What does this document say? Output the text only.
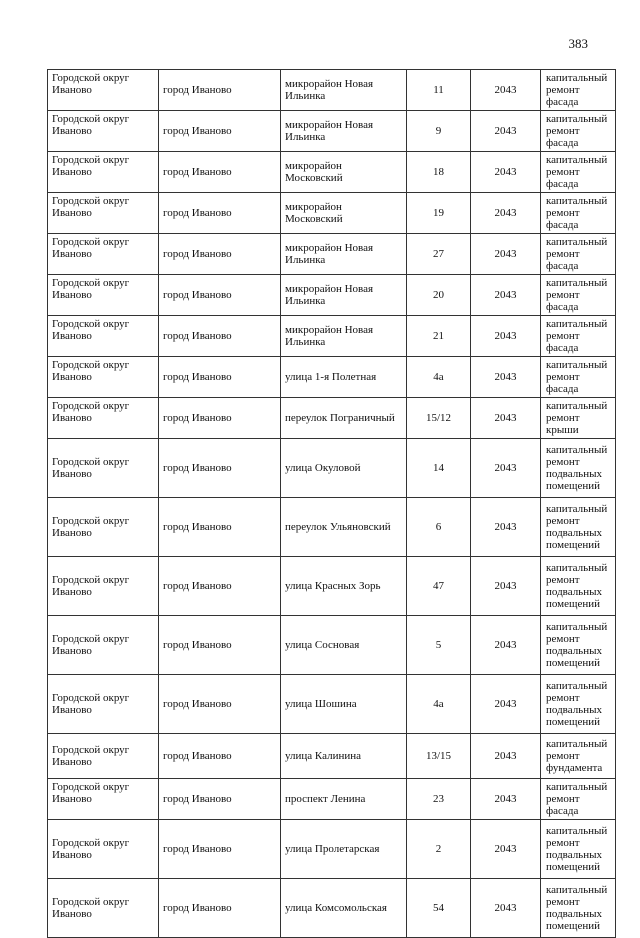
383
Городской округ Иваново	город Иваново	микрорайон Новая Ильинка	11	2043	капитальный ремонт фасада
Городской округ Иваново	город Иваново	микрорайон Новая Ильинка	9	2043	капитальный ремонт фасада
Городской округ Иваново	город Иваново	микрорайон Московский	18	2043	капитальный ремонт фасада
Городской округ Иваново	город Иваново	микрорайон Московский	19	2043	капитальный ремонт фасада
Городской округ Иваново	город Иваново	микрорайон Новая Ильинка	27	2043	капитальный ремонт фасада
Городской округ Иваново	город Иваново	микрорайон Новая Ильинка	20	2043	капитальный ремонт фасада
Городской округ Иваново	город Иваново	микрорайон Новая Ильинка	21	2043	капитальный ремонт фасада
Городской округ Иваново	город Иваново	улица 1-я Полетная	4а	2043	капитальный ремонт фасада
Городской округ Иваново	город Иваново	переулок Пограничный	15/12	2043	капитальный ремонт крыши
Городской округ Иваново	город Иваново	улица Окуловой	14	2043	капитальный ремонт подвальных помещений
Городской округ Иваново	город Иваново	переулок Ульяновский	6	2043	капитальный ремонт подвальных помещений
Городской округ Иваново	город Иваново	улица Красных Зорь	47	2043	капитальный ремонт подвальных помещений
Городской округ Иваново	город Иваново	улица Сосновая	5	2043	капитальный ремонт подвальных помещений
Городской округ Иваново	город Иваново	улица Шошина	4а	2043	капитальный ремонт подвальных помещений
Городской округ Иваново	город Иваново	улица Калинина	13/15	2043	капитальный ремонт фундамента
Городской округ Иваново	город Иваново	проспект Ленина	23	2043	капитальный ремонт фасада
Городской округ Иваново	город Иваново	улица Пролетарская	2	2043	капитальный ремонт подвальных помещений
Городской округ Иваново	город Иваново	улица Комсомольская	54	2043	капитальный ремонт подвальных помещений
